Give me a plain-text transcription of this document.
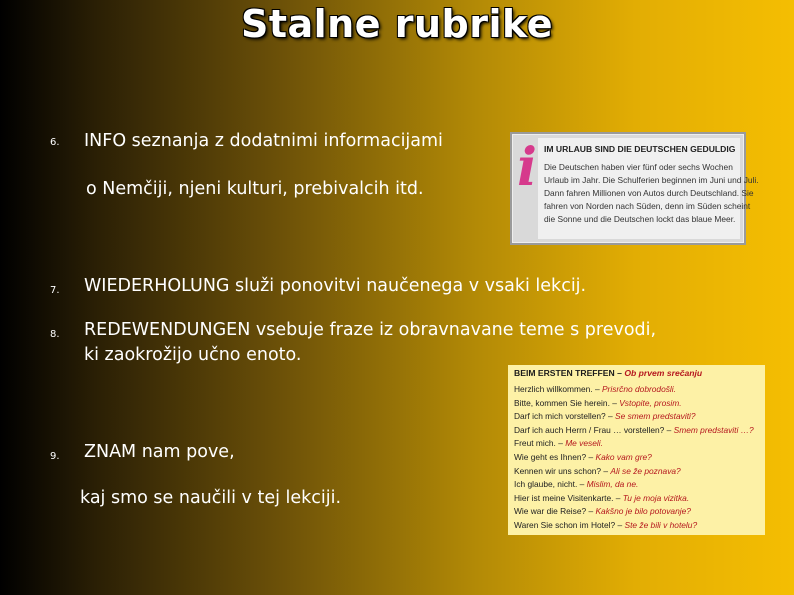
Stalne rubrike
6. INFO seznanja z dodatnimi informacijami
o Nemčiji, njeni kulturi, prebivalcih itd. i IM URLAUB SIND DIE DEUTSCHEN GEDULDIG
Die Deutschen haben vier fünf oder sechs Wochen
Urlaub im Jahr. Die Schulferien beginnen im Juni und Juli.
Dann fahren Millionen von Autos durch Deutschland. Sie
fahren von Norden nach Süden, denn im Süden scheint
die Sonne und die Deutschen lockt das blaue Meer.
7. WIEDERHOLUNG služi ponovitvi naučenega v vsaki lekcij.
8. REDEWENDUNGEN vsebuje fraze iz obravnavane teme s prevodi,
ki zaokrožijo učno enoto.
9. ZNAM nam pove,
kaj smo se naučili v tej lekciji.
BEIM ERSTEN TREFFEN – Ob prvem srečanju
Herzlich willkommen. – Prisrčno dobrodošli.
Bitte, kommen Sie herein. – Vstopite, prosim.
Darf ich mich vorstellen? – Se smem predstaviti?
Darf ich auch Herrn / Frau … vorstellen? – Smem predstaviti …?
Freut mich. – Me veseli.
Wie geht es Ihnen? – Kako vam gre?
Kennen wir uns schon? – Ali se že poznava?
Ich glaube, nicht. – Mislim, da ne.
Hier ist meine Visitenkarte. – Tu je moja vizitka.
Wie war die Reise? – Kakšno je bilo potovanje?
Waren Sie schon im Hotel? – Ste že bili v hotelu?
